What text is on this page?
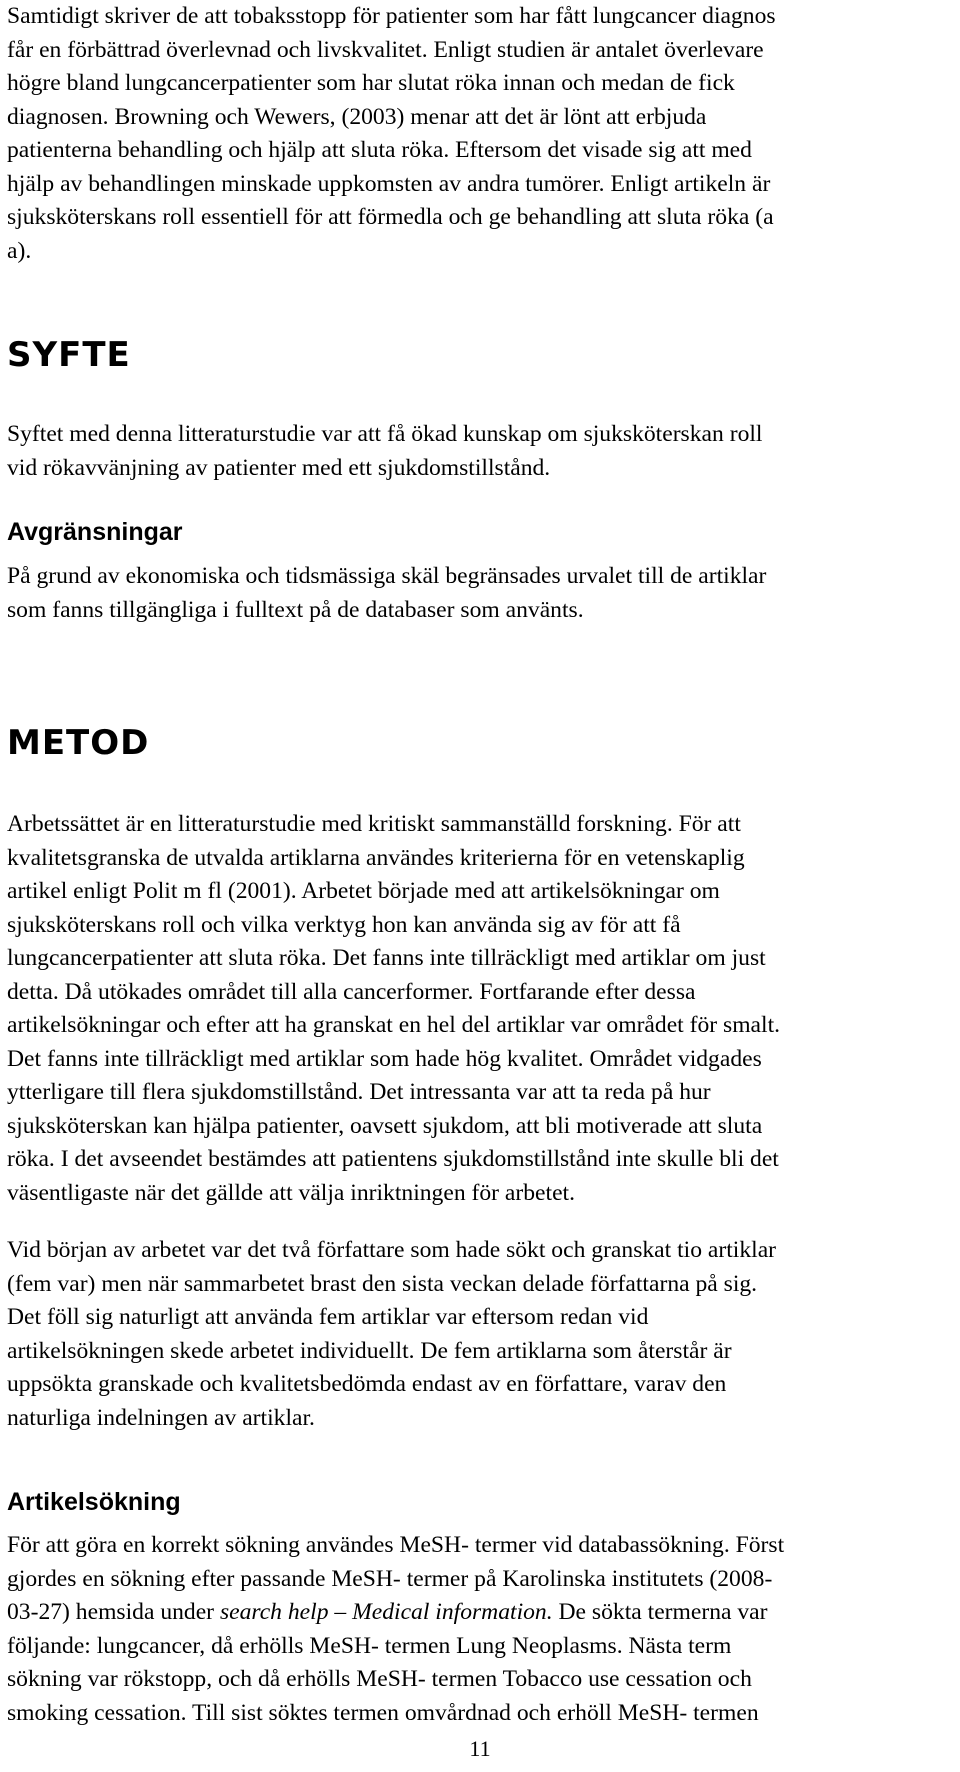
Samtidigt skriver de att tobaksstopp för patienter som har fått lungcancer diagnos
får en förbättrad överlevnad och livskvalitet. Enligt studien är antalet överlevare
högre bland lungcancerpatienter som har slutat röka innan och medan de fick
diagnosen. Browning och Wewers, (2003) menar att det är lönt att erbjuda
patienterna behandling och hjälp att sluta röka. Eftersom det visade sig att med
hjälp av behandlingen minskade uppkomsten av andra tumörer. Enligt artikeln är
sjuksköterskans roll essentiell för att förmedla och ge behandling att sluta röka (a
a).

SYFTE

Syftet med denna litteraturstudie var att få ökad kunskap om sjuksköterskan roll
vid rökavvänjning av patienter med ett sjukdomstillstånd.

Avgränsningar

På grund av ekonomiska och tidsmässiga skäl begränsades urvalet till de artiklar
som fanns tillgängliga i fulltext på de databaser som använts.

METOD

Arbetssättet är en litteraturstudie med kritiskt sammanställd forskning. För att
kvalitetsgranska de utvalda artiklarna användes kriterierna för en vetenskaplig
artikel enligt Polit m fl (2001). Arbetet började med att artikelsökningar om
sjuksköterskans roll och vilka verktyg hon kan använda sig av för att få
lungcancerpatienter att sluta röka. Det fanns inte tillräckligt med artiklar om just
detta. Då utökades området till alla cancerformer. Fortfarande efter dessa
artikelsökningar och efter att ha granskat en hel del artiklar var området för smalt.
Det fanns inte tillräckligt med artiklar som hade hög kvalitet. Området vidgades
ytterligare till flera sjukdomstillstånd. Det intressanta var att ta reda på hur
sjuksköterskan kan hjälpa patienter, oavsett sjukdom, att bli motiverade att sluta
röka. I det avseendet bestämdes att patientens sjukdomstillstånd inte skulle bli det
väsentligaste när det gällde att välja inriktningen för arbetet.

Vid början av arbetet var det två författare som hade sökt och granskat tio artiklar
(fem var) men när sammarbetet brast den sista veckan delade författarna på sig.
Det föll sig naturligt att använda fem artiklar var eftersom redan vid
artikelsökningen skede arbetet individuellt. De fem artiklarna som återstår är
uppsökta granskade och kvalitetsbedömda endast av en författare, varav den
naturliga indelningen av artiklar.

Artikelsökning

För att göra en korrekt sökning användes MeSH- termer vid databassökning. Först
gjordes en sökning efter passande MeSH- termer på Karolinska institutets (2008-
03-27) hemsida under search help – Medical information. De sökta termerna var
följande: lungcancer, då erhölls MeSH- termen Lung Neoplasms. Nästa term
sökning var rökstopp, och då erhölls MeSH- termen Tobacco use cessation och
smoking cessation. Till sist söktes termen omvårdnad och erhöll MeSH- termen

11
